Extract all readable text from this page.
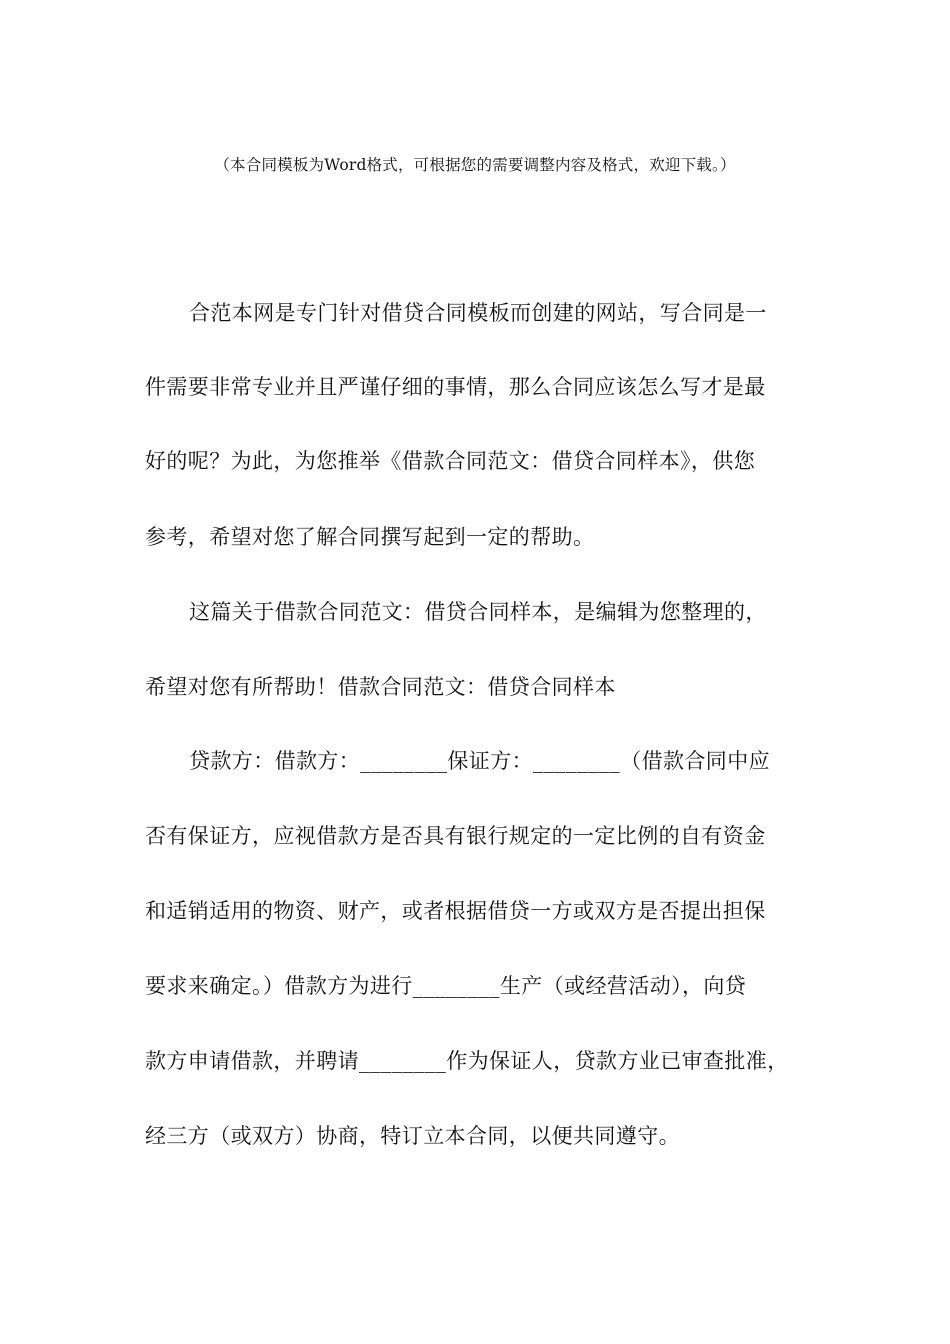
（本合同模板为Word格式，可根据您的需要调整内容及格式，欢迎下载。）
合范本网是专门针对借贷合同模板而创建的网站，写合同是一
件需要非常专业并且严谨仔细的事情，那么合同应该怎么写才是最
好的呢？为此，为您推举《借款合同范文：借贷合同样本》，供您
参考，希望对您了解合同撰写起到一定的帮助。
这篇关于借款合同范文：借贷合同样本，是编辑为您整理的，
希望对您有所帮助！借款合同范文：借贷合同样本
贷款方：借款方：________保证方：________（借款合同中应
否有保证方，应视借款方是否具有银行规定的一定比例的自有资金
和适销适用的物资、财产，或者根据借贷一方或双方是否提出担保
要求来确定。）借款方为进行________生产（或经营活动），向贷
款方申请借款，并聘请________作为保证人，贷款方业已审查批准，
经三方（或双方）协商，特订立本合同，以便共同遵守。
